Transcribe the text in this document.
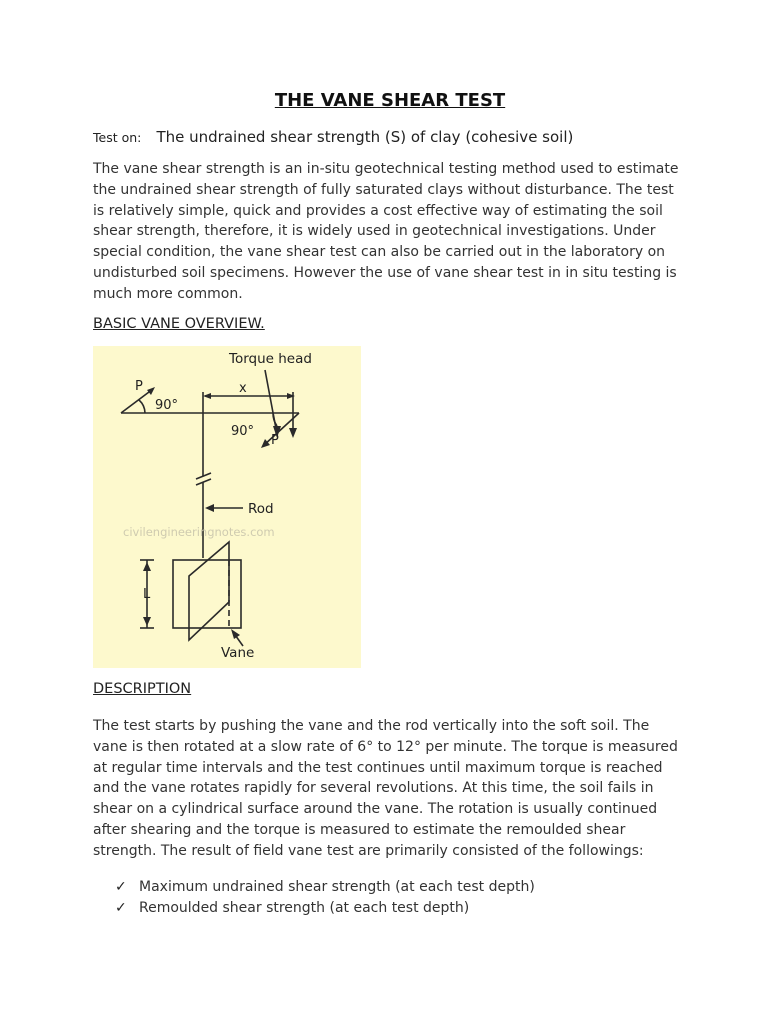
THE VANE SHEAR TEST
Test on: The undrained shear strength (S) of clay (cohesive soil)
The vane shear strength is an in-situ geotechnical testing method used to estimate the undrained shear strength of fully saturated clays without disturbance. The test is relatively simple, quick and provides a cost effective way of estimating the soil shear strength, therefore, it is widely used in geotechnical investigations. Under special condition, the vane shear test can also be carried out in the laboratory on undisturbed soil specimens. However the use of vane shear test in in situ testing is much more common.
BASIC VANE OVERVIEW.
Torque head
x
P
90°
90°
P
Rod
civilengineeringnotes.com
L
Vane
DESCRIPTION
The test starts by pushing the vane and the rod vertically into the soft soil. The vane is then rotated at a slow rate of 6° to 12° per minute. The torque is measured at regular time intervals and the test continues until maximum torque is reached and the vane rotates rapidly for several revolutions. At this time, the soil fails in shear on a cylindrical surface around the vane. The rotation is usually continued after shearing and the torque is measured to estimate the remoulded shear strength. The result of field vane test are primarily consisted of the followings:
✓ Maximum undrained shear strength (at each test depth)
✓ Remoulded shear strength (at each test depth)
